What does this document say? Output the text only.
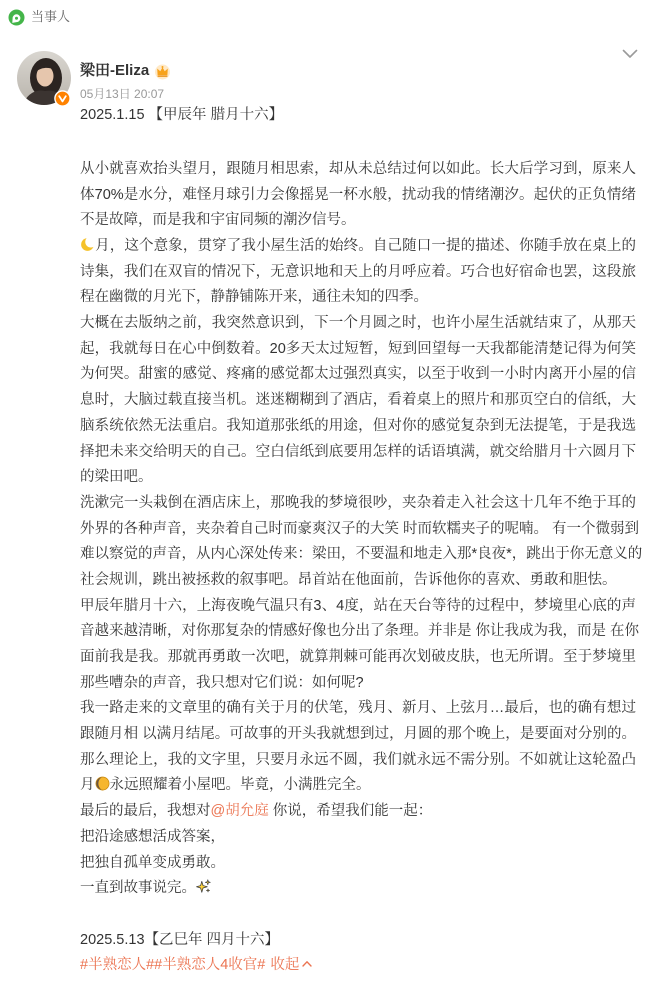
当事人
梁田-Eliza
05月13日 20:07
2025.1.15 【甲辰年 腊月十六】
从小就喜欢抬头望月，跟随月相思索，却从未总结过何以如此。长大后学习到，原来人
体70%是水分，难怪月球引力会像摇晃一杯水般，扰动我的情绪潮汐。起伏的正负情绪
不是故障，而是我和宇宙同频的潮汐信号。
月，这个意象，贯穿了我小屋生活的始终。自己随口一提的描述、你随手放在桌上的
诗集，我们在双盲的情况下，无意识地和天上的月呼应着。巧合也好宿命也罢，这段旅
程在幽微的月光下，静静铺陈开来，通往未知的四季。
大概在去版纳之前，我突然意识到，下一个月圆之时，也许小屋生活就结束了，从那天
起，我就每日在心中倒数着。20多天太过短暂，短到回望每一天我都能清楚记得为何笑
为何哭。甜蜜的感觉、疼痛的感觉都太过强烈真实，以至于收到一小时内离开小屋的信
息时，大脑过载直接当机。迷迷糊糊到了酒店，看着桌上的照片和那页空白的信纸，大
脑系统依然无法重启。我知道那张纸的用途，但对你的感觉复杂到无法提笔，于是我选
择把未来交给明天的自己。空白信纸到底要用怎样的话语填满，就交给腊月十六圆月下
的梁田吧。
洗漱完一头栽倒在酒店床上，那晚我的梦境很吵，夹杂着走入社会这十几年不绝于耳的
外界的各种声音，夹杂着自己时而豪爽汉子的大笑 时而软糯夹子的呢喃。 有一个微弱到
难以察觉的声音，从内心深处传来：梁田，不要温和地走入那*良夜*，跳出于你无意义的
社会规训，跳出被拯救的叙事吧。昂首站在他面前，告诉他你的喜欢、勇敢和胆怯。
甲辰年腊月十六，上海夜晚气温只有3、4度，站在天台等待的过程中，梦境里心底的声
音越来越清晰，对你那复杂的情感好像也分出了条理。并非是 你让我成为我，而是 在你
面前我是我。那就再勇敢一次吧，就算荆棘可能再次划破皮肤，也无所谓。至于梦境里
那些嘈杂的声音，我只想对它们说：如何呢?
我一路走来的文章里的确有关于月的伏笔，残月、新月、上弦月…最后，也的确有想过
跟随月相 以满月结尾。可故事的开头我就想到过，月圆的那个晚上，是要面对分别的。
那么理论上，我的文字里，只要月永远不圆，我们就永远不需分别。不如就让这轮盈凸
月 永远照耀着小屋吧。毕竟，小满胜完全。
最后的最后，我想对@胡允庭 你说，希望我们能一起：
把沿途感想活成答案，
把独自孤单变成勇敢。
一直到故事说完。
2025.5.13【乙巳年 四月十六】
#半熟恋人##半熟恋人4收官# 收起
